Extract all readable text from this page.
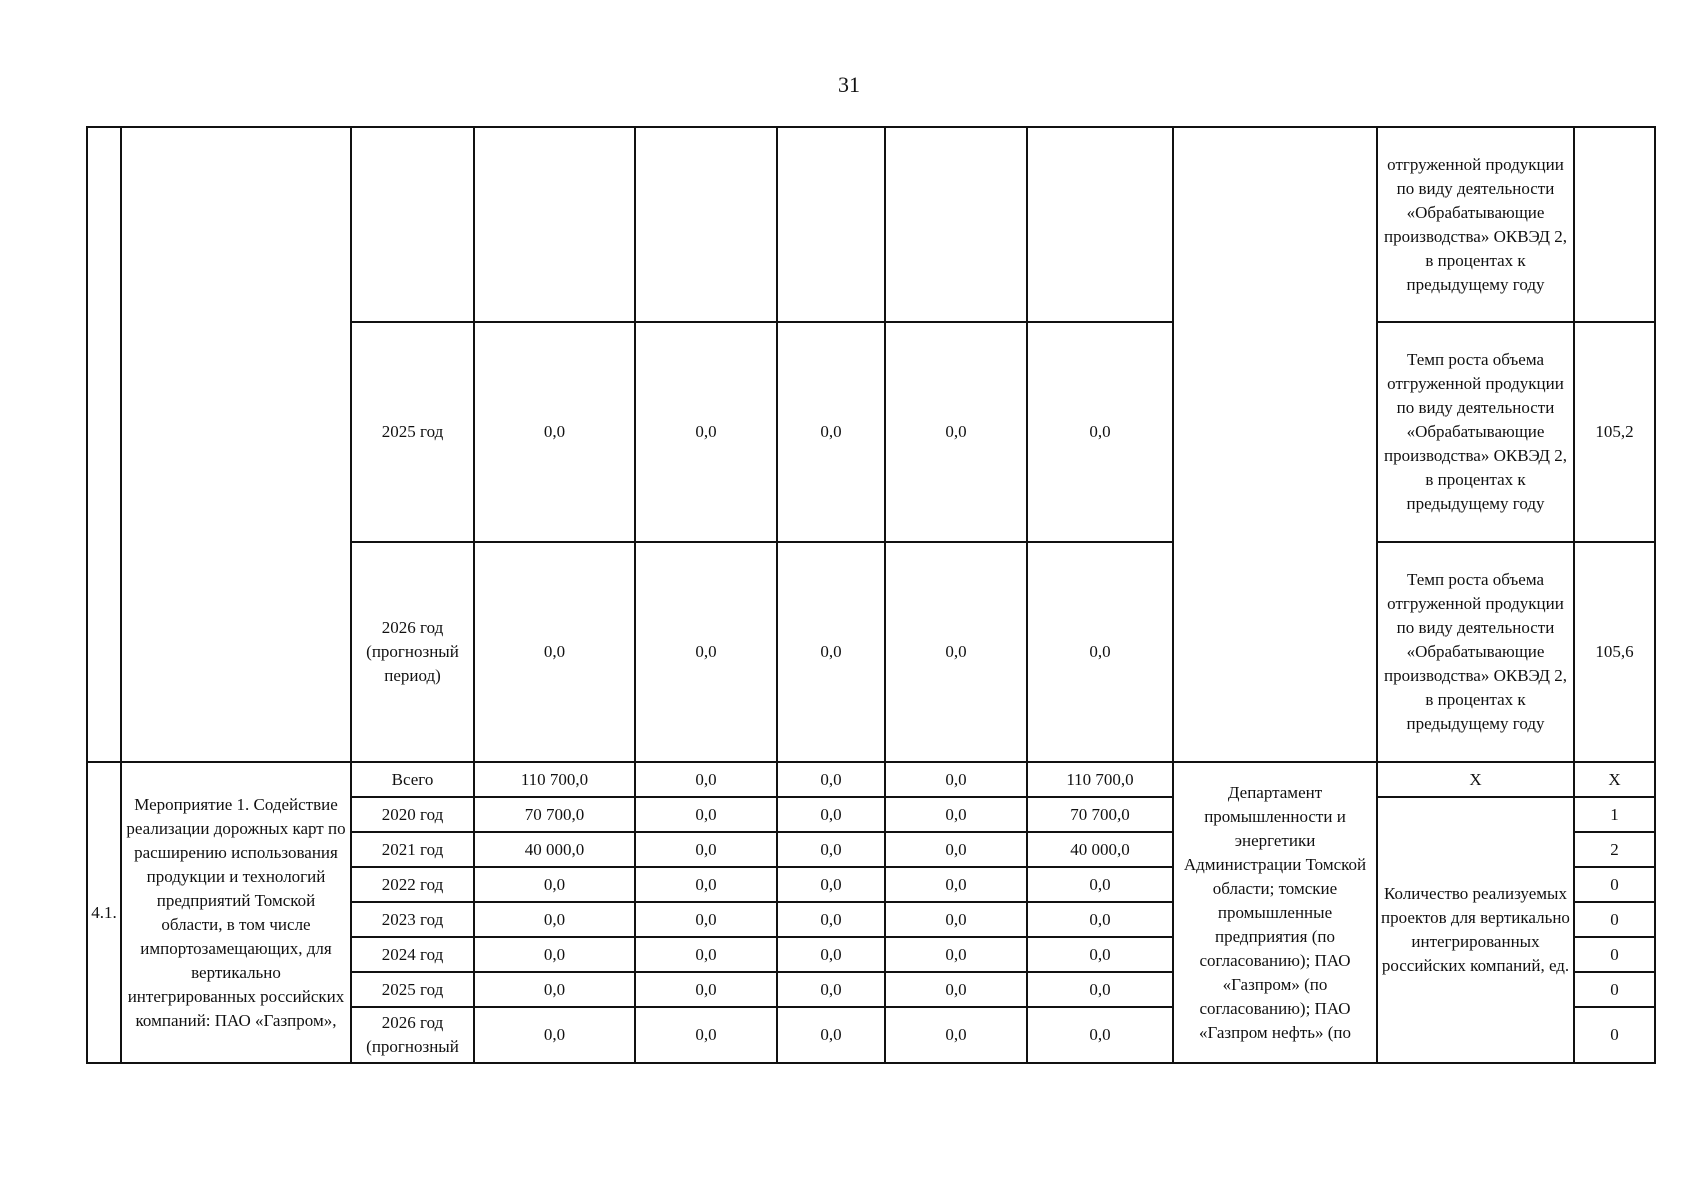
31
									отгруженной продукции по виду деятельности «Обрабатывающие производства» ОКВЭД 2, в процентах к предыдущему году	
		2025 год	0,0	0,0	0,0	0,0	0,0		Темп роста объема отгруженной продукции по виду деятельности «Обрабатывающие производства» ОКВЭД 2, в процентах к предыдущему году	105,2
		2026 год (прогнозный период)	0,0	0,0	0,0	0,0	0,0		Темп роста объема отгруженной продукции по виду деятельности «Обрабатывающие производства» ОКВЭД 2, в процентах к предыдущему году	105,6
4.1.	Мероприятие 1. Содействие реализации дорожных карт по расширению использования продукции и технологий предприятий Томской области, в том числе импортозамещающих, для вертикально интегрированных российских компаний: ПАО «Газпром»,	Всего	110 700,0	0,0	0,0	0,0	110 700,0	Департамент промышленности и энергетики Администрации Томской области; томские промышленные предприятия (по согласованию); ПАО «Газпром» (по согласованию); ПАО «Газпром нефть» (по	Х	Х
		2020 год	70 700,0	0,0	0,0	0,0	70 700,0		Количество реализуемых проектов для вертикально интегрированных российских компаний, ед.	1
		2021 год	40 000,0	0,0	0,0	0,0	40 000,0			2
		2022 год	0,0	0,0	0,0	0,0	0,0			0
		2023 год	0,0	0,0	0,0	0,0	0,0			0
		2024 год	0,0	0,0	0,0	0,0	0,0			0
		2025 год	0,0	0,0	0,0	0,0	0,0			0
		2026 год (прогнозный	0,0	0,0	0,0	0,0	0,0			0
